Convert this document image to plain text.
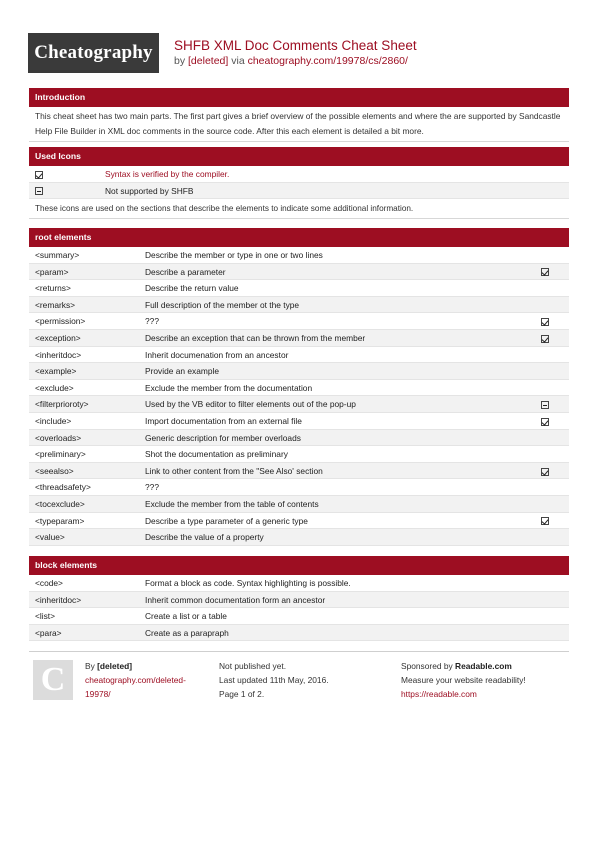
Cheatography	SHFB XML Doc Comments Cheat Sheet
by [deleted] via cheatography.com/19978/cs/2860/
Introduction
This cheat sheet has two main parts. The first part gives a brief overview of the possible elements and where the are supported by Sandcastle Help File Builder in XML doc comments in the source code. After this each element is detailed a bit more.
Used Icons
Syntax is verified by the compiler.
Not supported by SHFB
These icons are used on the sections that describe the elements to indicate some additional information.
root elements
<summary>	Describe the member or type in one or two lines
<param>	Describe a parameter
<returns>	Describe the return value
<remarks>	Full description of the member ot the type
<permission>	???
<exception>	Describe an exception that can be thrown from the member
<inheritdoc>	Inherit documenation from an ancestor
<example>	Provide an example
<exclude>	Exclude the member from the documentation
<filterprioroty>	Used by the VB editor to filter elements out of the pop-up
<include>	Import documentation from an external file
<overloads>	Generic description for member overloads
<preliminary>	Shot the documentation as preliminary
<seealso>	Link to other content from the "See Also' section
<threadsafety>	???
<tocexclude>	Exclude the member from the table of contents
<typeparam>	Describe a type parameter of a generic type
<value>	Describe the value of a property
block elements
<code>	Format a block as code. Syntax highlighting is possible.
<inheritdoc>	Inherit common documentation form an ancestor
<list>	Create a list or a table
<para>	Create as a parapraph
C	By [deleted]
cheatography.com/deleted-
19978/
Not published yet.
Last updated 11th May, 2016.
Page 1 of 2.
Sponsored by Readable.com
Measure your website readability!
https://readable.com
